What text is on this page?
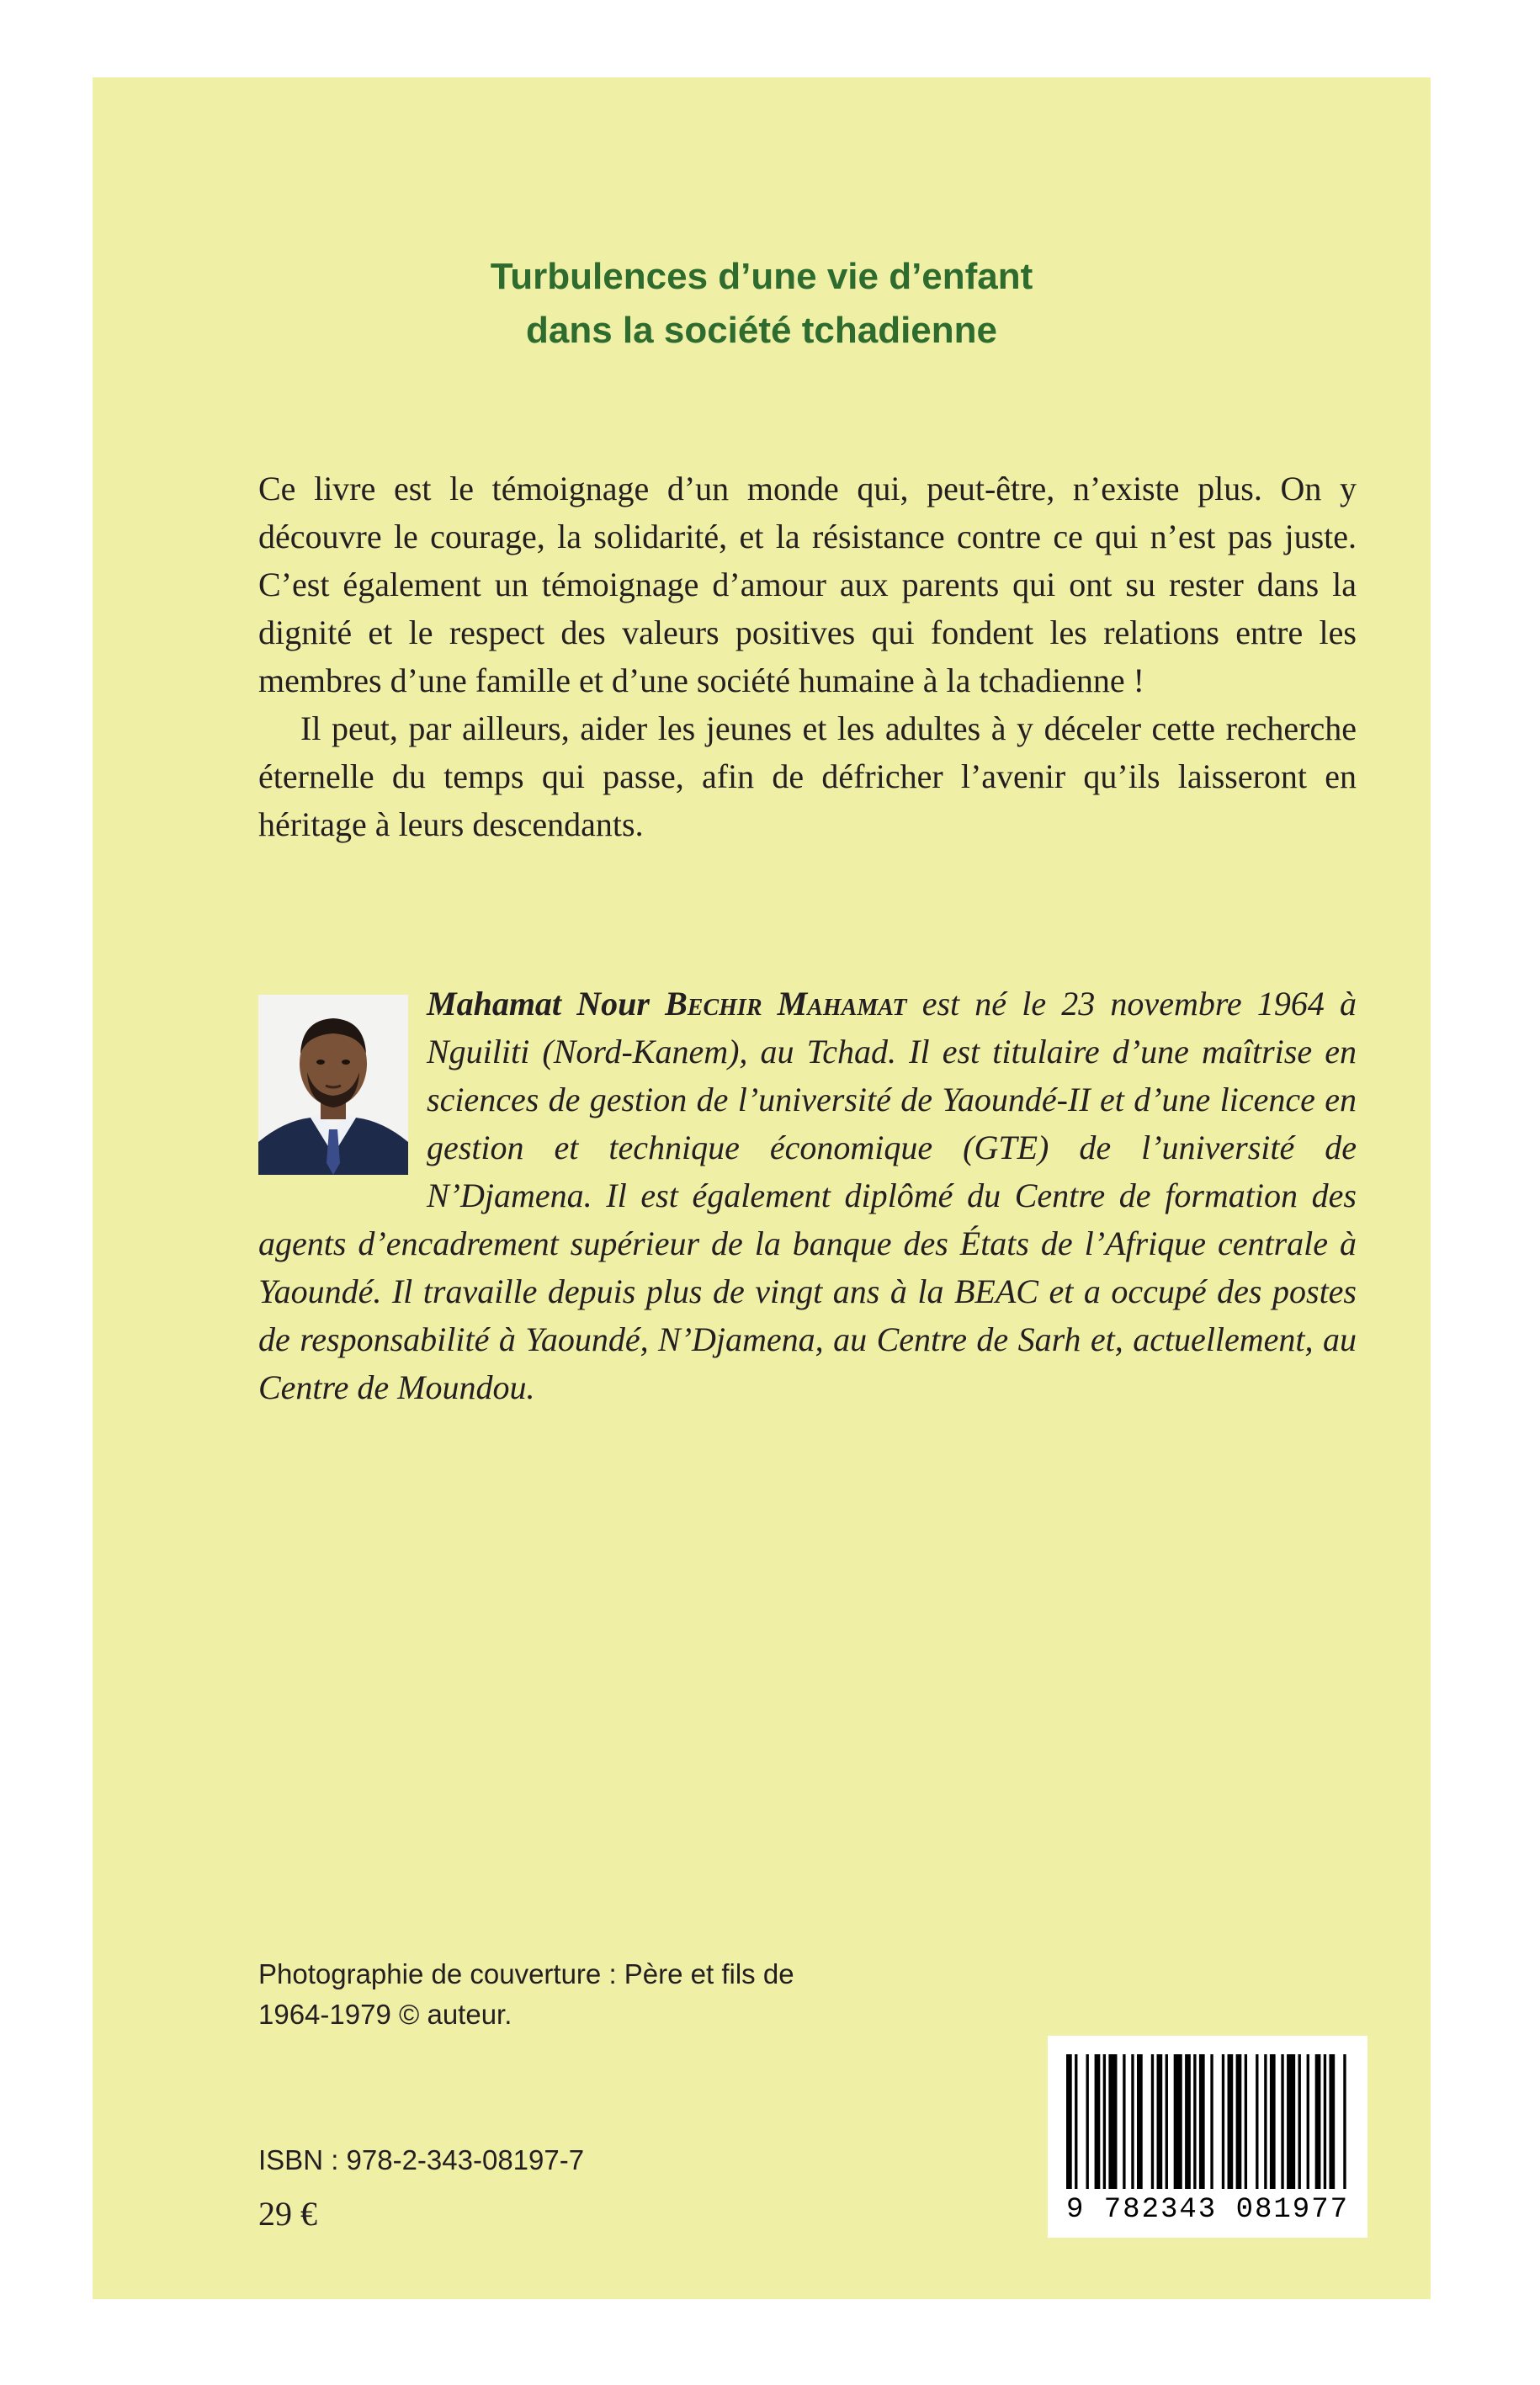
Turbulences d’une vie d’enfant
dans la société tchadienne

Ce livre est le témoignage d’un monde qui, peut-être, n’existe plus. On y découvre le courage, la solidarité, et la résistance contre ce qui n’est pas juste. C’est également un témoignage d’amour aux parents qui ont su rester dans la dignité et le respect des valeurs positives qui fondent les relations entre les membres d’une famille et d’une société humaine à la tchadienne !

Il peut, par ailleurs, aider les jeunes et les adultes à y déceler cette recherche éternelle du temps qui passe, afin de défricher l’avenir qu’ils laisseront en héritage à leurs descendants.

Mahamat Nour Bechir Mahamat est né le 23 novembre 1964 à Nguiliti (Nord-Kanem), au Tchad. Il est titulaire d’une maîtrise en sciences de gestion de l’université de Yaoundé-II et d’une licence en gestion et technique économique (GTE) de l’université de N’Djamena. Il est également diplômé du Centre de formation des agents d’encadrement supérieur de la banque des États de l’Afrique centrale à Yaoundé. Il travaille depuis plus de vingt ans à la BEAC et a occupé des postes de responsabilité à Yaoundé, N’Djamena, au Centre de Sarh et, actuellement, au Centre de Moundou.
Photographie de couverture : Père et fils de
1964-1979 © auteur.
ISBN : 978-2-343-08197-7
29 €	9 782343 081977
